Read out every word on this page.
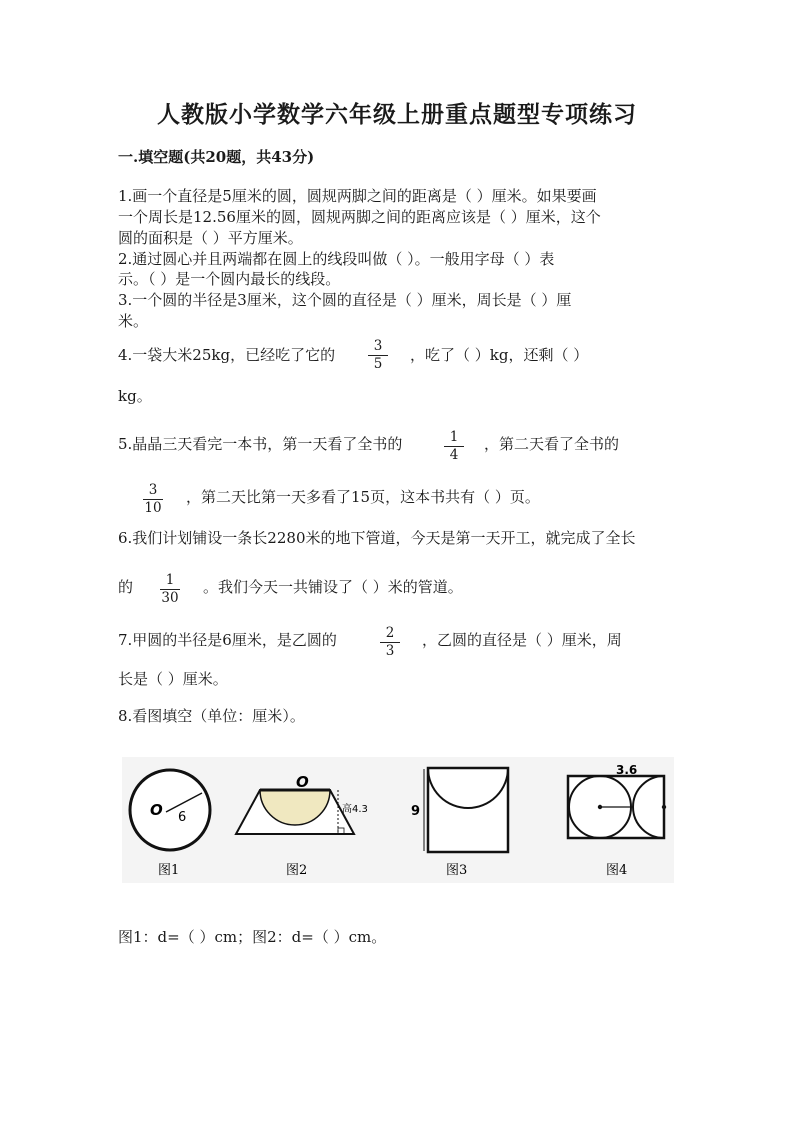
人教版小学数学六年级上册重点题型专项练习
一.填空题(共20题，共43分)
1.画一个直径是5厘米的圆，圆规两脚之间的距离是（ ）厘米。如果要画
一个周长是12.56厘米的圆，圆规两脚之间的距离应该是（ ）厘米，这个
圆的面积是（ ）平方厘米。
2.通过圆心并且两端都在圆上的线段叫做（ ）。一般用字母（ ）表
示。（ ）是一个圆内最长的线段。
3.一个圆的半径是3厘米，这个圆的直径是（ ）厘米，周长是（ ）厘
米。
4.一袋大米25kg，已经吃了它的	3
5	，吃了（ ）kg，还剩（ ）
kg。
5.晶晶三天看完一本书，第一天看了全书的	1
4
，第二天看了全书的
3
10
，第二天比第一天多看了15页，这本书共有（ ）页。
6.我们计划铺设一条长2280米的地下管道，今天是第一天开工，就完成了全长
的	1
30
。我们今天一共铺设了（ ）米的管道。
7.甲圆的半径是6厘米，是乙圆的	2
3
，乙圆的直径是（ ）厘米，周
长是（ ）厘米。
8.看图填空（单位：厘米）。
O 6
O
高4.3	9
3.6
图1	图2	图3	图4
图1：d=（ ）cm；图2：d=（ ）cm。
